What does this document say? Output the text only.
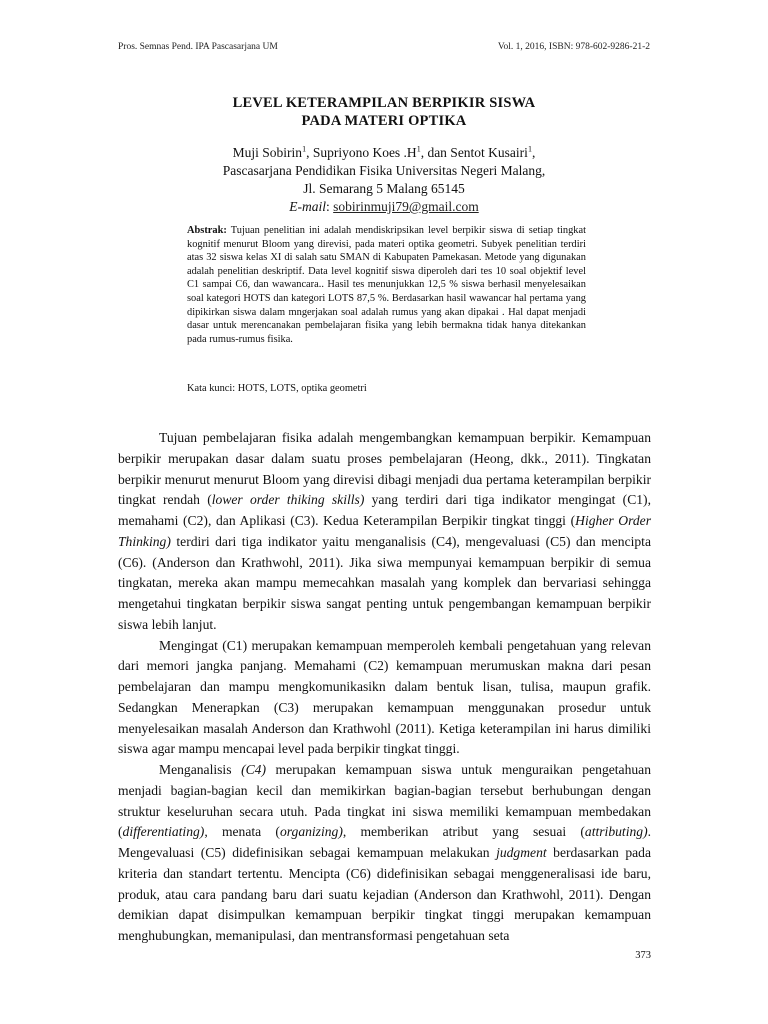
Pros. Semnas Pend. IPA Pascasarjana UM	Vol. 1, 2016, ISBN: 978-602-9286-21-2
LEVEL KETERAMPILAN BERPIKIR SISWA
PADA MATERI OPTIKA
Muji Sobirin$^1$, Supriyono Koes $.H^1$, dan Sentot Kusairi$^1$,
Pascasarjana Pendidikan Fisika Universitas Negeri Malang,
Jl. Semarang 5 Malang 65145
E-mail: sobirinmuji79@gmail.com
Abstrak: Tujuan penelitian ini adalah mendiskripsikan level berpikir siswa di setiap tingkat kognitif menurut Bloom yang direvisi, pada materi optika geometri. Subyek penelitian terdiri atas 32 siswa kelas XI di salah satu SMAN di Kabupaten Pamekasan. Metode yang digunakan adalah penelitian deskriptif. Data level kognitif siswa diperoleh dari tes 10 soal objektif level C1 sampai C6, dan wawancara.. Hasil tes menunjukkan 12,5 % siswa berhasil menyelesaikan soal kategori HOTS dan kategori LOTS 87,5 %. Berdasarkan hasil wawancar hal pertama yang dipikirkan siswa dalam mngerjakan soal adalah rumus yang akan dipakai . Hal dapat menjadi dasar untuk merencanakan pembelajaran fisika yang lebih bermakna tidak hanya ditekankan pada rumus-rumus fisika.
Kata kunci: HOTS, LOTS, optika geometri

Tujuan pembelajaran fisika adalah mengembangkan kemampuan berpikir. Kemampuan berpikir merupakan dasar dalam suatu proses pembelajaran (Heong, dkk., 2011). Tingkatan berpikir menurut menurut Bloom yang direvisi dibagi menjadi dua pertama keterampilan berpikir tingkat rendah (lower order thiking skills) yang terdiri dari tiga indikator mengingat (C1), memahami (C2), dan Aplikasi (C3). Kedua Keterampilan Berpikir tingkat tinggi (Higher Order Thinking) terdiri dari tiga indikator yaitu menganalisis (C4), mengevaluasi (C5) dan mencipta (C6). (Anderson dan Krathwohl, 2011). Jika siwa mempunyai kemampuan berpikir di semua tingkatan, mereka akan mampu memecahkan masalah yang komplek dan bervariasi sehingga mengetahui tingkatan berpikir siswa sangat penting untuk pengembangan kemampuan berpikir siswa lebih lanjut.

Mengingat (C1) merupakan kemampuan memperoleh kembali pengetahuan yang relevan dari memori jangka panjang. Memahami (C2) kemampuan merumuskan makna dari pesan pembelajaran dan mampu mengkomunikasikn dalam bentuk lisan, tulisa, maupun grafik. Sedangkan Menerapkan (C3) merupakan kemampuan menggunakan prosedur untuk menyelesaikan masalah Anderson dan Krathwohl (2011). Ketiga keterampilan ini harus dimiliki siswa agar mampu mencapai level pada berpikir tingkat tinggi.

Menganalisis (C4) merupakan kemampuan siswa untuk menguraikan pengetahuan menjadi bagian-bagian kecil dan memikirkan bagian-bagian tersebut berhubungan dengan struktur keseluruhan secara utuh. Pada tingkat ini siswa memiliki kemampuan membedakan (differentiating), menata (organizing), memberikan atribut yang sesuai (attributing). Mengevaluasi (C5) didefinisikan sebagai kemampuan melakukan judgment berdasarkan pada kriteria dan standart tertentu. Mencipta (C6) didefinisikan sebagai menggeneralisasi ide baru, produk, atau cara pandang baru dari suatu kejadian (Anderson dan Krathwohl, 2011). Dengan demikian dapat disimpulkan kemampuan berpikir tingkat tinggi merupakan kemampuan menghubungkan, memanipulasi, dan mentransformasi pengetahuan seta

373
